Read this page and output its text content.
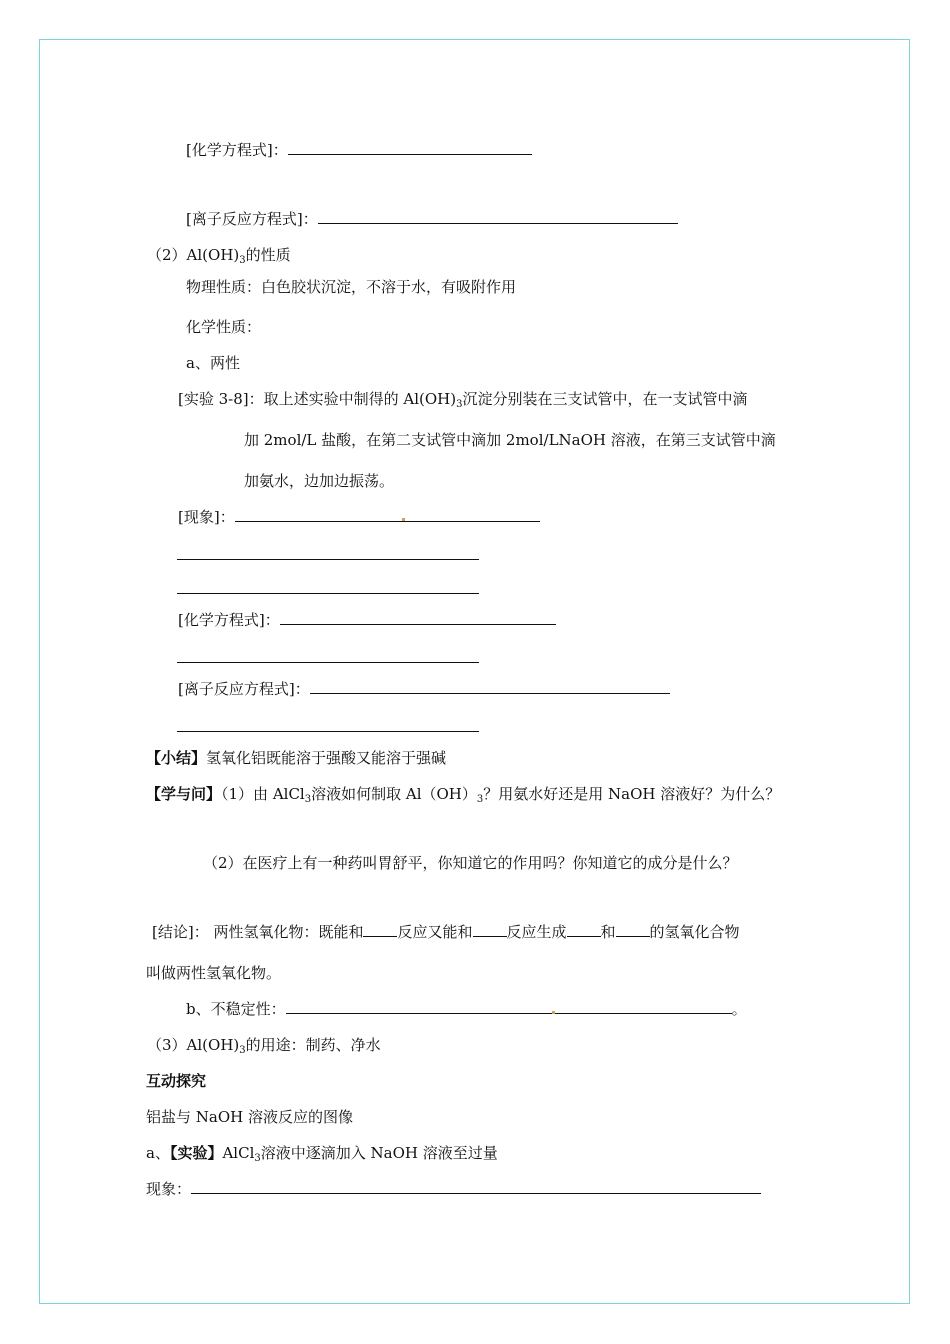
[化学方程式]：
[离子反应方程式]：
$(2)Al(OH)_3$的性质
物理性质：白色胶状沉淀，不溶于水，有吸附作用
化学性质：
a、两性
[实验 3-8]：取上述实验中制得的 $Al(OH)_3$沉淀分别装在三支试管中，在一支试管中滴
加 2mol/L 盐酸，在第二支试管中滴加 2mol/LNaOH 溶液，在第三支试管中滴
加氨水，边加边振荡。
[现象]：
[化学方程式]：
[离子反应方程式]：
【小结】氢氧化铝既能溶于强酸又能溶于强碱
【学与问】（1）由 AlCl$_3$溶液如何制取 $Al(OH)_3$？用氨水好还是用 NaOH 溶液好？为什么？
（2）在医疗上有一种药叫胃舒平，你知道它的作用吗？你知道它的成分是什么？
[结论]： 两性氢氧化物：既能和 反应又能和 反应生成 和 的氢氧化合物
叫做两性氢氧化物。
b、不稳定性：	。
$(3)Al(OH)_3$的用途：制药、净水
互动探究
铝盐与 NaOH 溶液反应的图像
a、【实验】AlCl$_3$溶液中逐滴加入 NaOH 溶液至过量
现象：
